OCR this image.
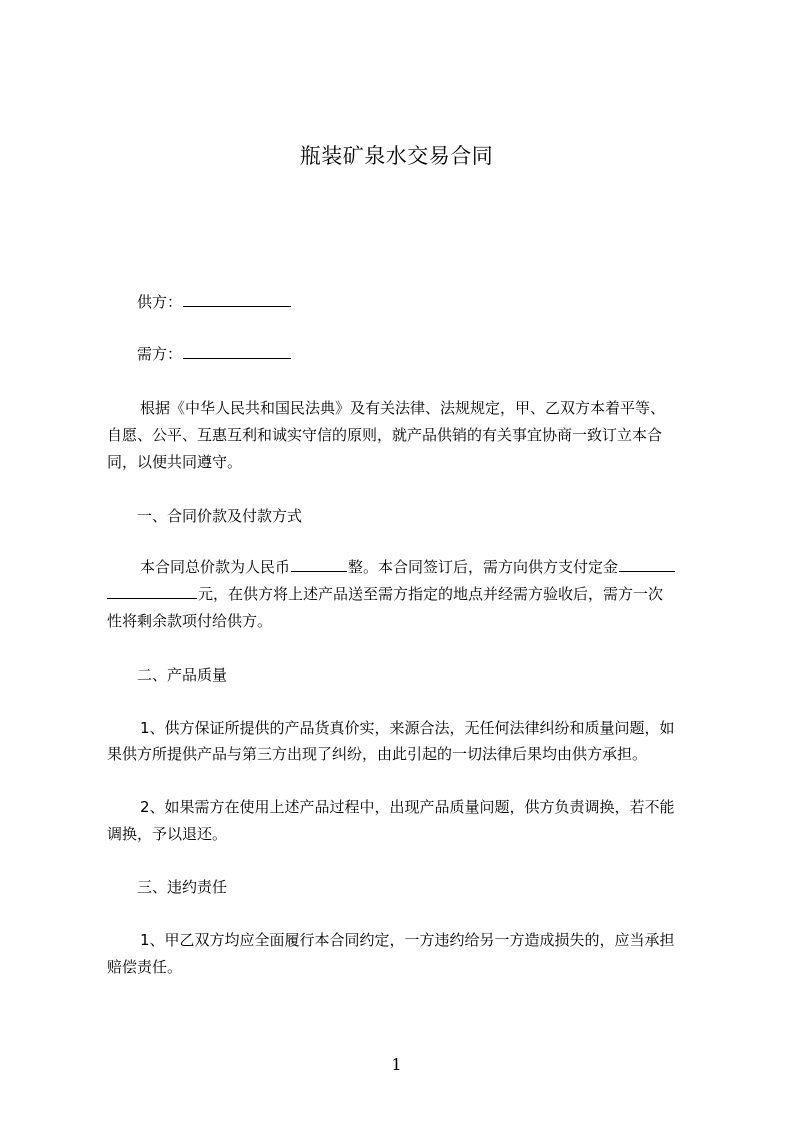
瓶装矿泉水交易合同
供方：
需方：
根据《中华人民共和国民法典》及有关法律、法规规定，甲、乙双方本着平等、
自愿、公平、互惠互利和诚实守信的原则，就产品供销的有关事宜协商一致订立本合
同，以便共同遵守。
一、合同价款及付款方式
本合同总价款为人民币	整。本合同签订后，需方向供方支付定金
元，在供方将上述产品送至需方指定的地点并经需方验收后，需方一次
性将剩余款项付给供方。
二、产品质量
1、供方保证所提供的产品货真价实，来源合法，无任何法律纠纷和质量问题，如
果供方所提供产品与第三方出现了纠纷，由此引起的一切法律后果均由供方承担。
2、如果需方在使用上述产品过程中，出现产品质量问题，供方负责调换，若不能
调换，予以退还。
三、违约责任
1、甲乙双方均应全面履行本合同约定，一方违约给另一方造成损失的，应当承担
赔偿责任。
1
